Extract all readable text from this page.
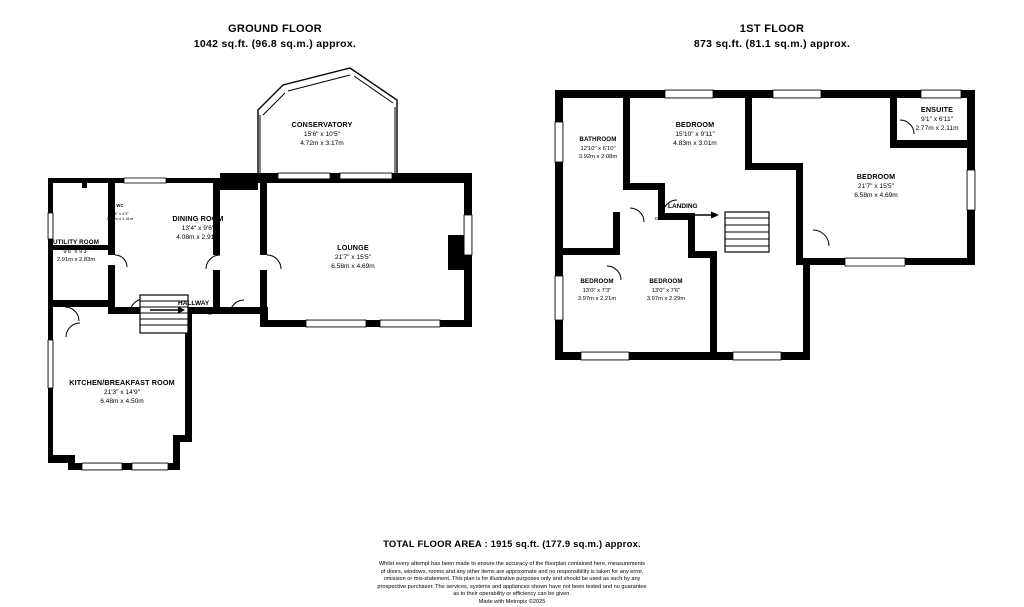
GROUND FLOOR
1042 sq.ft. (96.8 sq.m.) approx.
1ST FLOOR
873 sq.ft. (81.1 sq.m.) approx.
CONSERVATORY
15'6" x 10'5"
4.72m x 3.17m
DINING ROOM
13'4" x 9'6"
4.08m x 2.91m
LOUNGE
21'7" x 15'5"
6.58m x 4.69m
UTILITY ROOM
9'6" x 9'3"
2.91m x 2.83m
KITCHEN/BREAKFAST ROOM
21'3" x 14'9"
6.48m x 4.50m
WC
4'8" x 4'3"
1.44m x 1.31m
HALLWAY
UP
BATHROOM
12'10" x 6'10"
3.92m x 2.08m
BEDROOM
15'10" x 9'11"
4.83m x 3.01m
ENSUITE
9'1" x 6'11"
2.77m x 2.11m
BEDROOM
21'7" x 15'5"
6.58m x 4.69m
BEDROOM
13'0" x 7'3"
3.97m x 2.21m
BEDROOM
13'0" x 7'6"
3.97m x 2.29m
LANDING
DOWN
TOTAL FLOOR AREA : 1915 sq.ft. (177.9 sq.m.) approx.
Whilst every attempt has been made to ensure the accuracy of the floorplan contained here, measurements
of doors, windows, rooms and any other items are approximate and no responsibility is taken for any error,
omission or mis-statement. This plan is for illustrative purposes only and should be used as such by any
prospective purchaser. The services, systems and appliances shown have not been tested and no guarantee
as to their operability or efficiency can be given.
Made with Metropix ©2025
